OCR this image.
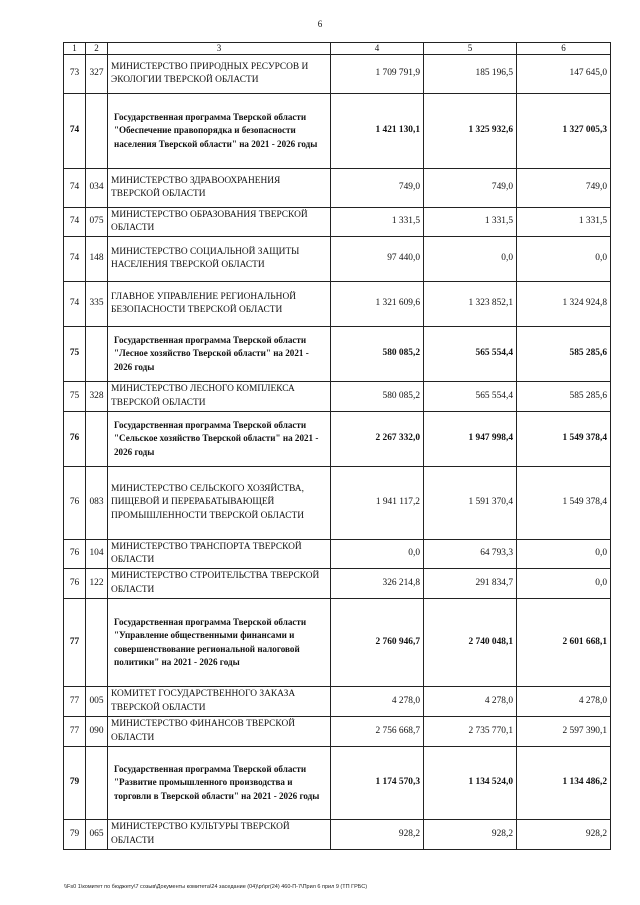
6
1	2	3	4	5	6
73	327	МИНИСТЕРСТВО ПРИРОДНЫХ РЕСУРСОВ И ЭКОЛОГИИ ТВЕРСКОЙ ОБЛАСТИ	1 709 791,9	185 196,5	147 645,0
74		Государственная программа Тверской области "Обеспечение правопорядка и безопасности населения Тверской области" на 2021 - 2026 годы	1 421 130,1	1 325 932,6	1 327 005,3
74	034	МИНИСТЕРСТВО ЗДРАВООХРАНЕНИЯ ТВЕРСКОЙ ОБЛАСТИ	749,0	749,0	749,0
74	075	МИНИСТЕРСТВО ОБРАЗОВАНИЯ ТВЕРСКОЙ ОБЛАСТИ	1 331,5	1 331,5	1 331,5
74	148	МИНИСТЕРСТВО СОЦИАЛЬНОЙ ЗАЩИТЫ НАСЕЛЕНИЯ ТВЕРСКОЙ ОБЛАСТИ	97 440,0	0,0	0,0
74	335	ГЛАВНОЕ УПРАВЛЕНИЕ РЕГИОНАЛЬНОЙ БЕЗОПАСНОСТИ ТВЕРСКОЙ ОБЛАСТИ	1 321 609,6	1 323 852,1	1 324 924,8
75		Государственная программа Тверской области "Лесное хозяйство Тверской области" на 2021 - 2026 годы	580 085,2	565 554,4	585 285,6
75	328	МИНИСТЕРСТВО ЛЕСНОГО КОМПЛЕКСА ТВЕРСКОЙ ОБЛАСТИ	580 085,2	565 554,4	585 285,6
76		Государственная программа Тверской области "Сельское хозяйство Тверской области" на 2021 - 2026 годы	2 267 332,0	1 947 998,4	1 549 378,4
76	083	МИНИСТЕРСТВО СЕЛЬСКОГО ХОЗЯЙСТВА, ПИЩЕВОЙ И ПЕРЕРАБАТЫВАЮЩЕЙ ПРОМЫШЛЕННОСТИ ТВЕРСКОЙ ОБЛАСТИ	1 941 117,2	1 591 370,4	1 549 378,4
76	104	МИНИСТЕРСТВО ТРАНСПОРТА ТВЕРСКОЙ ОБЛАСТИ	0,0	64 793,3	0,0
76	122	МИНИСТЕРСТВО СТРОИТЕЛЬСТВА ТВЕРСКОЙ ОБЛАСТИ	326 214,8	291 834,7	0,0
77		Государственная программа Тверской области "Управление общественными финансами и совершенствование региональной налоговой политики" на 2021 - 2026 годы	2 760 946,7	2 740 048,1	2 601 668,1
77	005	КОМИТЕТ ГОСУДАРСТВЕННОГО ЗАКАЗА ТВЕРСКОЙ ОБЛАСТИ	4 278,0	4 278,0	4 278,0
77	090	МИНИСТЕРСТВО ФИНАНСОВ ТВЕРСКОЙ ОБЛАСТИ	2 756 668,7	2 735 770,1	2 597 390,1
79		Государственная программа Тверской области "Развитие промышленного производства и торговли в Тверской области" на 2021 - 2026 годы	1 174 570,3	1 134 524,0	1 134 486,2
79	065	МИНИСТЕРСТВО КУЛЬТУРЫ ТВЕРСКОЙ ОБЛАСТИ	928,2	928,2	928,2
\\Fs0 1\комитет по бюджету\7 созыв\Документы комитета\24 заседание (04)\pr\pr(24) 460-П-7\Прил 6 прил 9 (ТП ГРБС)
